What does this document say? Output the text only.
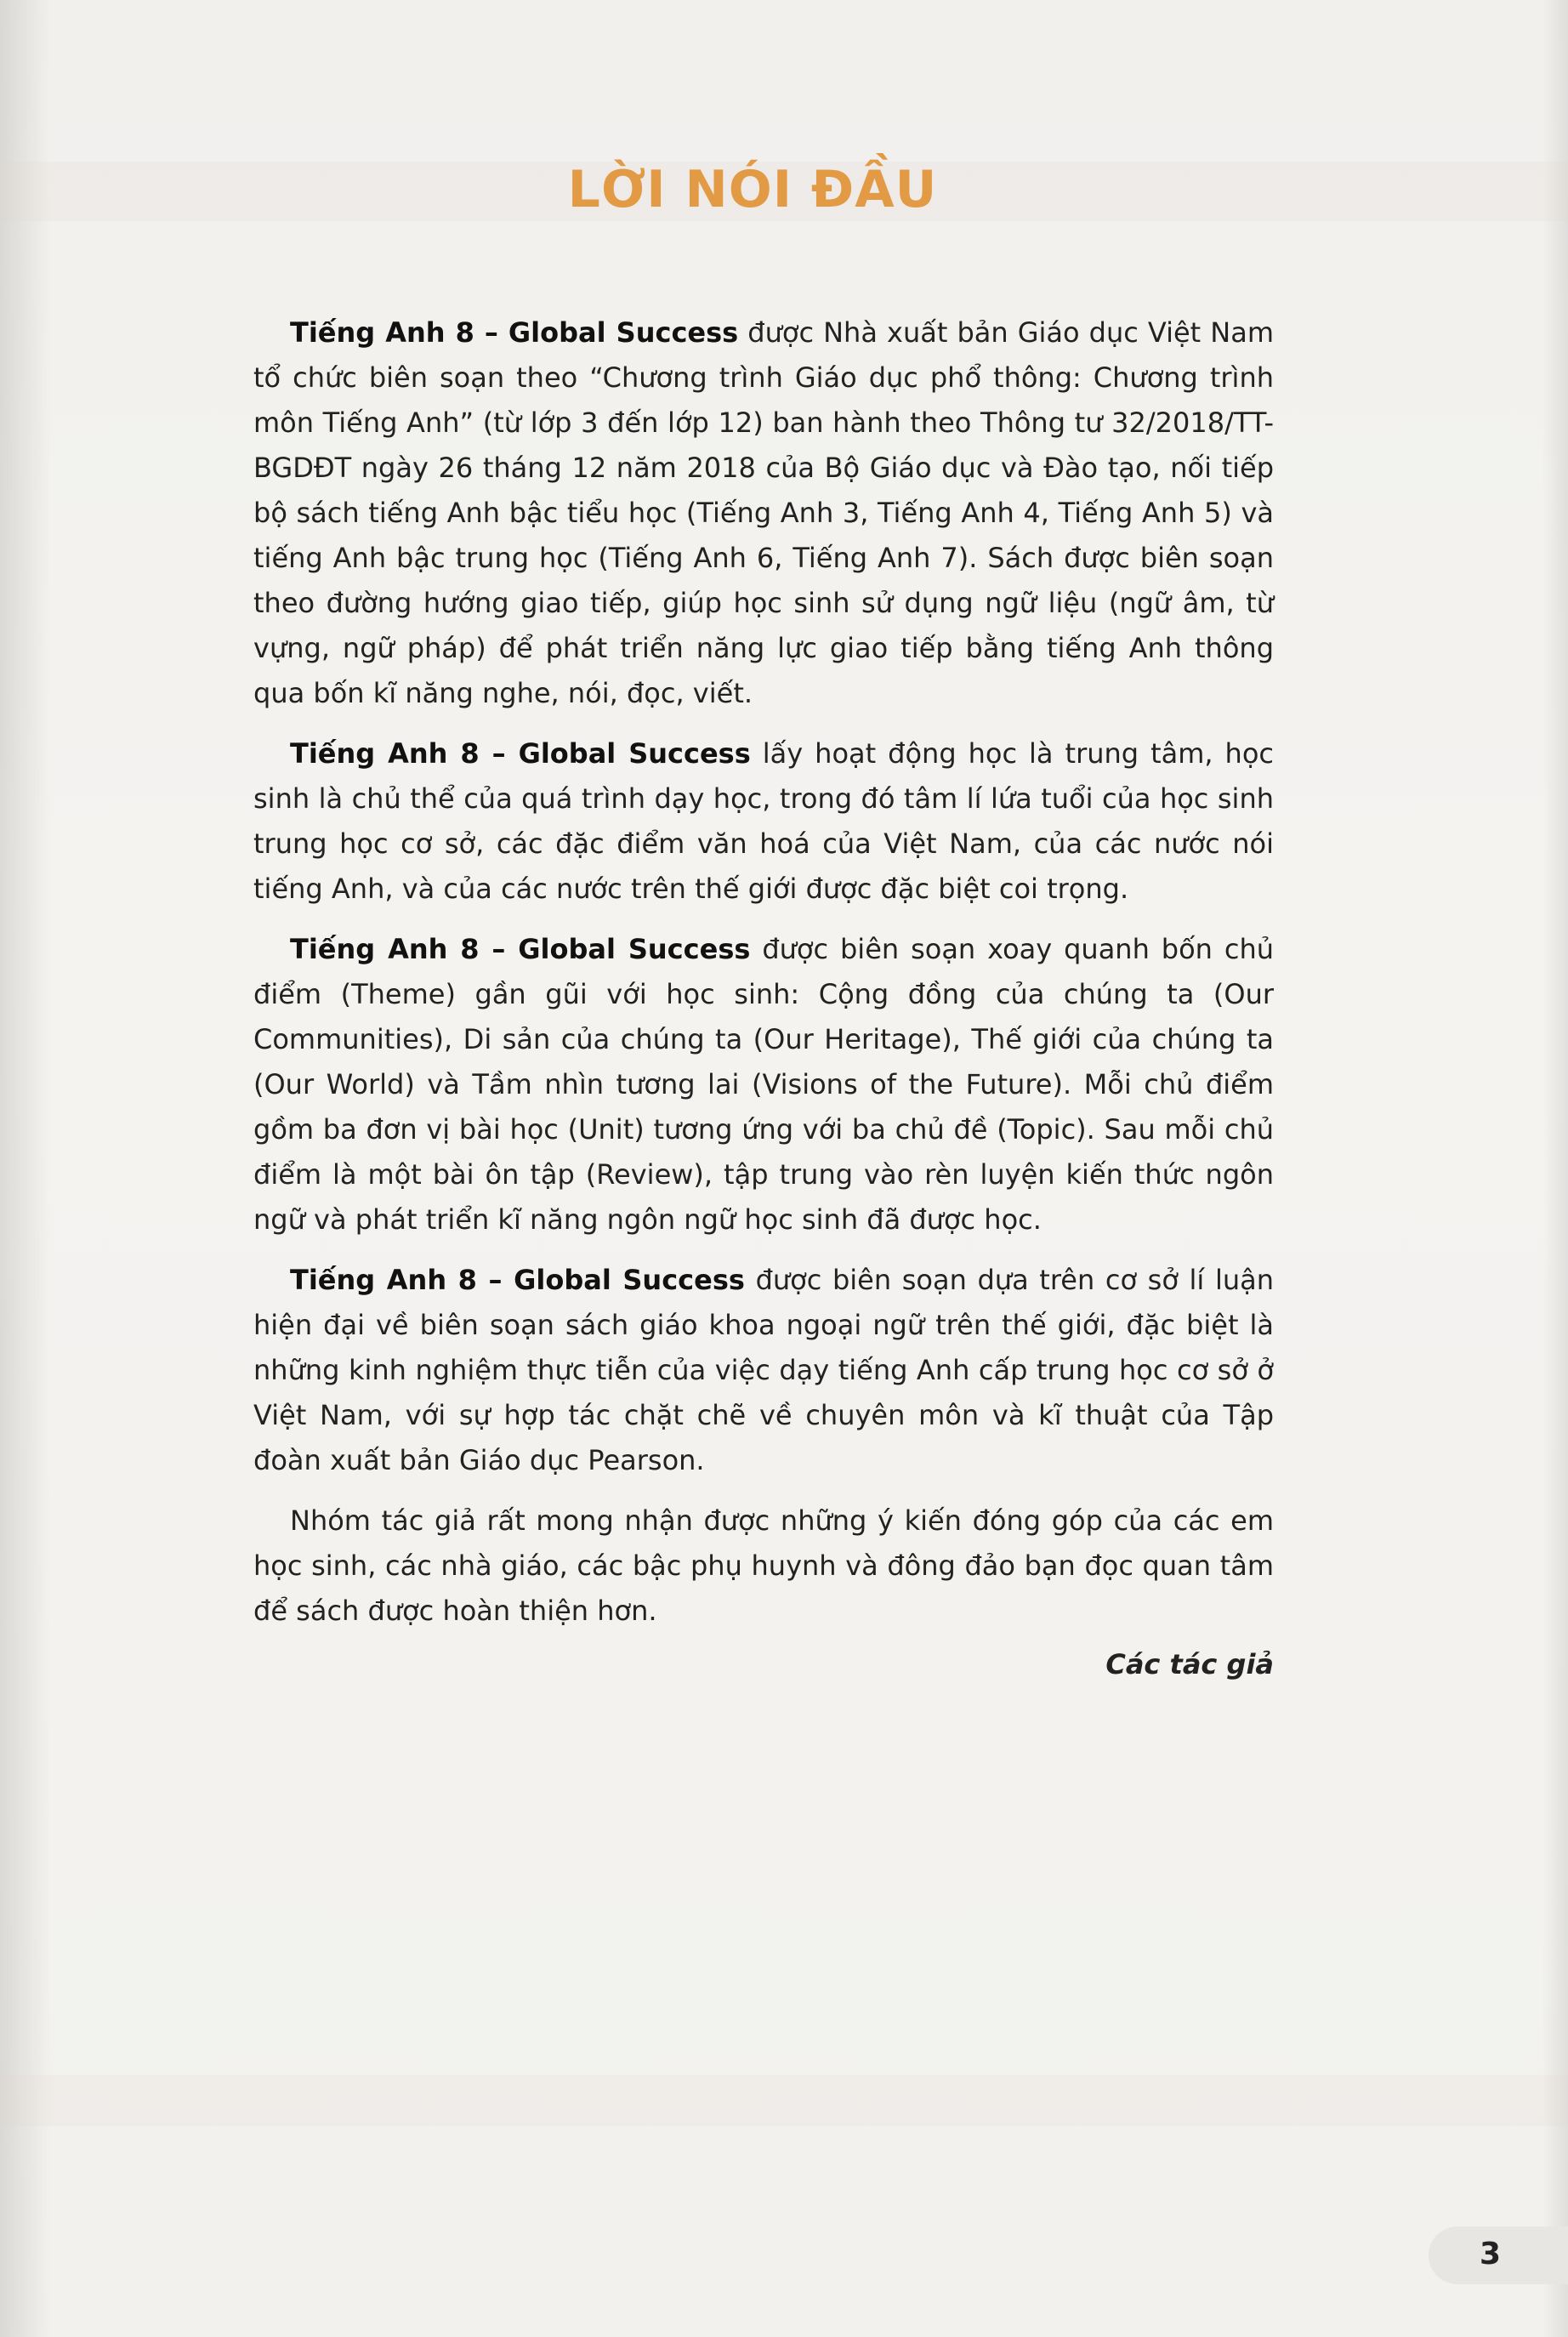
LỜI NÓI ĐẦU

Tiếng Anh 8 – Global Success được Nhà xuất bản Giáo dục Việt Nam tổ chức biên soạn theo “Chương trình Giáo dục phổ thông: Chương trình môn Tiếng Anh” (từ lớp 3 đến lớp 12) ban hành theo Thông tư 32/2018/TT-BGDĐT ngày 26 tháng 12 năm 2018 của Bộ Giáo dục và Đào tạo, nối tiếp bộ sách tiếng Anh bậc tiểu học (Tiếng Anh 3, Tiếng Anh 4, Tiếng Anh 5) và tiếng Anh bậc trung học (Tiếng Anh 6, Tiếng Anh 7). Sách được biên soạn theo đường hướng giao tiếp, giúp học sinh sử dụng ngữ liệu (ngữ âm, từ vựng, ngữ pháp) để phát triển năng lực giao tiếp bằng tiếng Anh thông qua bốn kĩ năng nghe, nói, đọc, viết.

Tiếng Anh 8 – Global Success lấy hoạt động học là trung tâm, học sinh là chủ thể của quá trình dạy học, trong đó tâm lí lứa tuổi của học sinh trung học cơ sở, các đặc điểm văn hoá của Việt Nam, của các nước nói tiếng Anh, và của các nước trên thế giới được đặc biệt coi trọng.

Tiếng Anh 8 – Global Success được biên soạn xoay quanh bốn chủ điểm (Theme) gần gũi với học sinh: Cộng đồng của chúng ta (Our Communities), Di sản của chúng ta (Our Heritage), Thế giới của chúng ta (Our World) và Tầm nhìn tương lai (Visions of the Future). Mỗi chủ điểm gồm ba đơn vị bài học (Unit) tương ứng với ba chủ đề (Topic). Sau mỗi chủ điểm là một bài ôn tập (Review), tập trung vào rèn luyện kiến thức ngôn ngữ và phát triển kĩ năng ngôn ngữ học sinh đã được học.

Tiếng Anh 8 – Global Success được biên soạn dựa trên cơ sở lí luận hiện đại về biên soạn sách giáo khoa ngoại ngữ trên thế giới, đặc biệt là những kinh nghiệm thực tiễn của việc dạy tiếng Anh cấp trung học cơ sở ở Việt Nam, với sự hợp tác chặt chẽ về chuyên môn và kĩ thuật của Tập đoàn xuất bản Giáo dục Pearson.

Nhóm tác giả rất mong nhận được những ý kiến đóng góp của các em học sinh, các nhà giáo, các bậc phụ huynh và đông đảo bạn đọc quan tâm để sách được hoàn thiện hơn.

Các tác giả
3
